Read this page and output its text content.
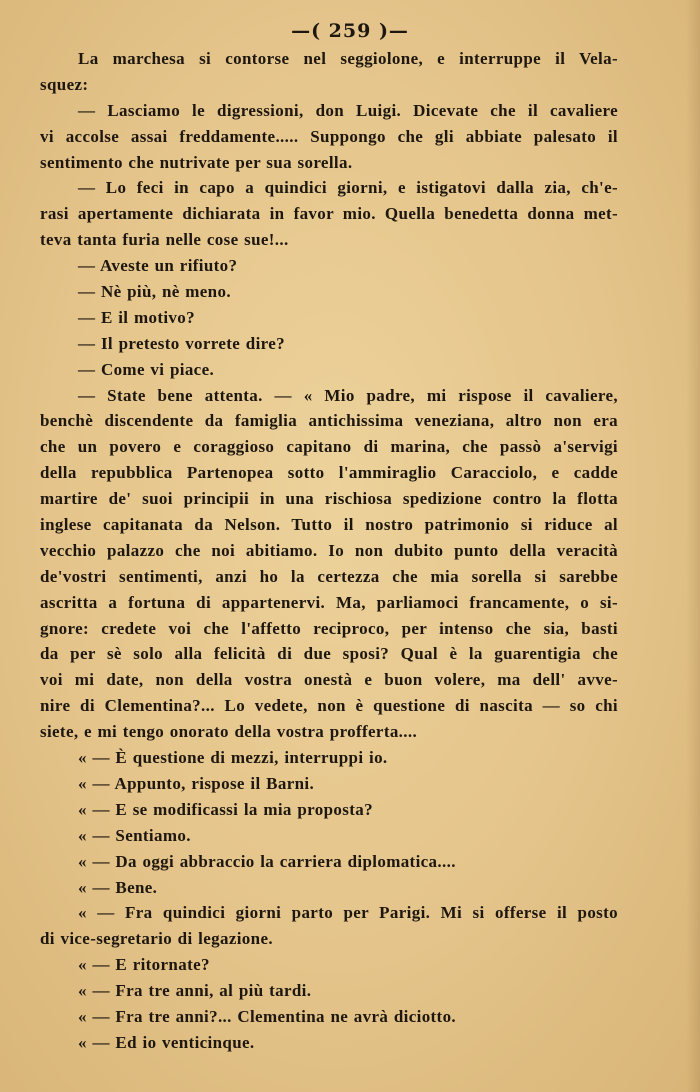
—( 259 )—
La marchesa si contorse nel seggiolone, e interruppe il Vela-
squez:
— Lasciamo le digressioni, don Luigi. Dicevate che il cavaliere
vi accolse assai freddamente..... Suppongo che gli abbiate palesato il
sentimento che nutrivate per sua sorella.
— Lo feci in capo a quindici giorni, e istigatovi dalla zia, ch'e-
rasi apertamente dichiarata in favor mio. Quella benedetta donna met-
teva tanta furia nelle cose sue!...
— Aveste un rifiuto?
— Nè più, nè meno.
— E il motivo?
— Il pretesto vorrete dire?
— Come vi piace.
— State bene attenta. — « Mio padre, mi rispose il cavaliere,
benchè discendente da famiglia antichissima veneziana, altro non era
che un povero e coraggioso capitano di marina, che passò a'servigi
della repubblica Partenopea sotto l'ammiraglio Caracciolo, e cadde
martire de' suoi principii in una rischiosa spedizione contro la flotta
inglese capitanata da Nelson. Tutto il nostro patrimonio si riduce al
vecchio palazzo che noi abitiamo. Io non dubito punto della veracità
de'vostri sentimenti, anzi ho la certezza che mia sorella si sarebbe
ascritta a fortuna di appartenervi. Ma, parliamoci francamente, o si-
gnore: credete voi che l'affetto reciproco, per intenso che sia, basti
da per sè solo alla felicità di due sposi? Qual è la guarentigia che
voi mi date, non della vostra onestà e buon volere, ma dell' avve-
nire di Clementina?... Lo vedete, non è questione di nascita — so chi
siete, e mi tengo onorato della vostra profferta....
« — È questione di mezzi, interruppi io.
« — Appunto, rispose il Barni.
« — E se modificassi la mia proposta?
« — Sentiamo.
« — Da oggi abbraccio la carriera diplomatica....
« — Bene.
« — Fra quindici giorni parto per Parigi. Mi si offerse il posto
di vice-segretario di legazione.
« — E ritornate?
« — Fra tre anni, al più tardi.
« — Fra tre anni?... Clementina ne avrà diciotto.
« — Ed io venticinque.
